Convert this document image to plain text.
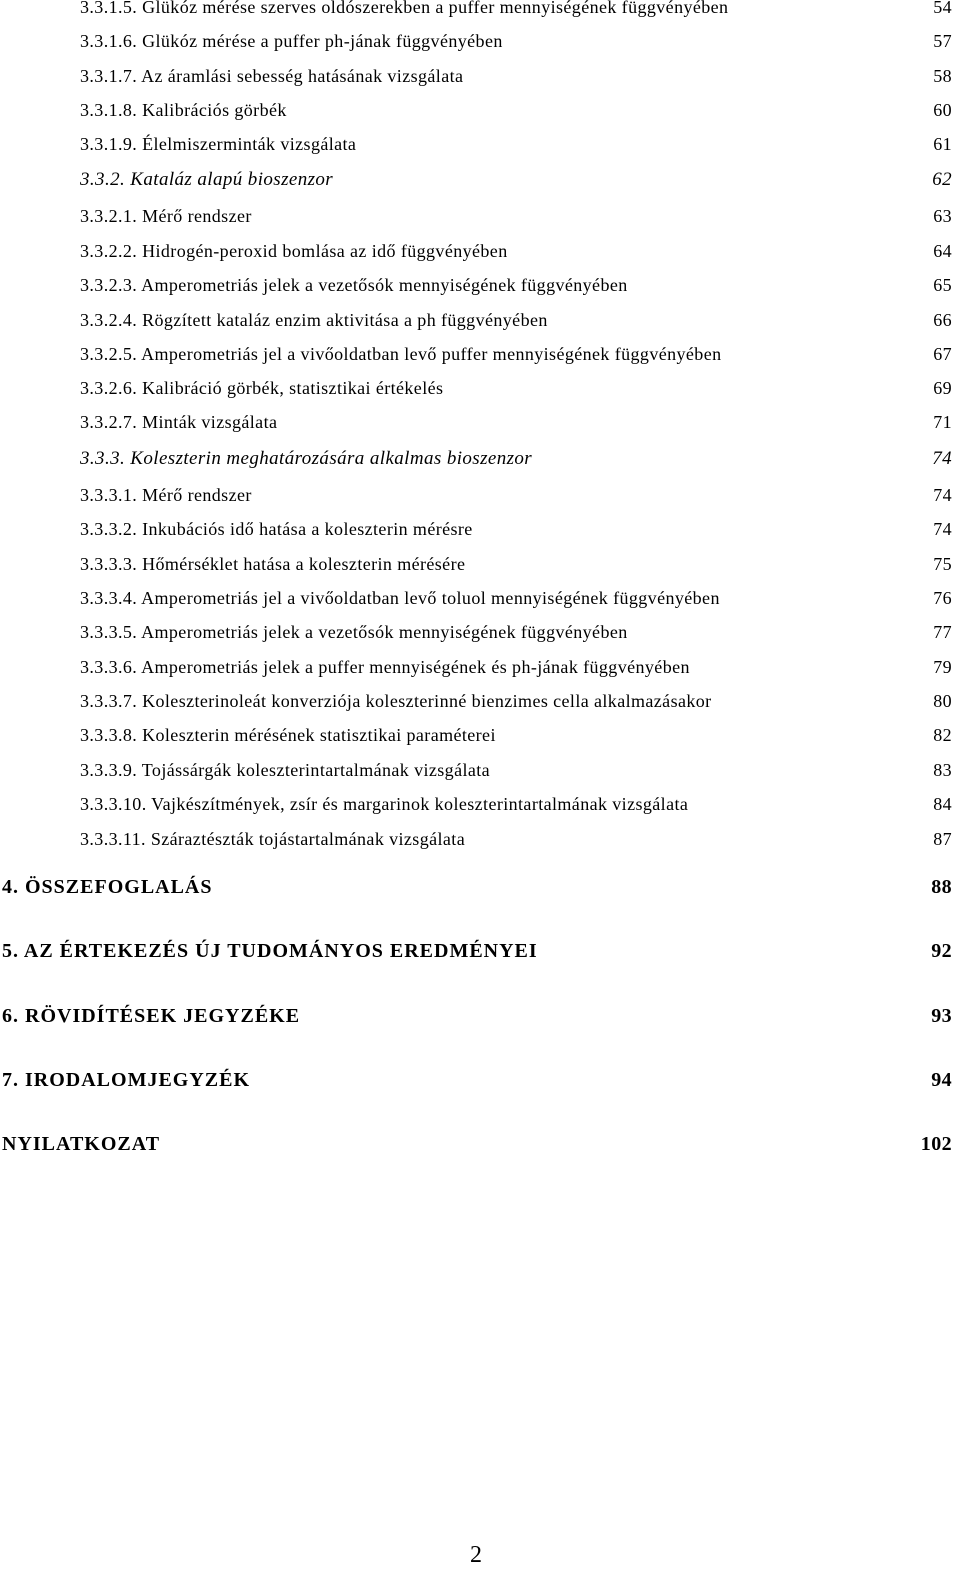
3.3.1.5. Glükóz mérése szerves oldószerekben a puffer mennyiségének függvényében	54
3.3.1.6. Glükóz mérése a puffer ph-jának függvényében	57
3.3.1.7. Az áramlási sebesség hatásának vizsgálata	58
3.3.1.8. Kalibrációs görbék	60
3.3.1.9. Élelmiszerminták vizsgálata	61
3.3.2. Kataláz alapú bioszenzor	62
3.3.2.1. Mérő rendszer	63
3.3.2.2. Hidrogén-peroxid bomlása az idő függvényében	64
3.3.2.3. Amperometriás jelek a vezetősók mennyiségének függvényében	65
3.3.2.4. Rögzített kataláz enzim aktivitása a ph függvényében	66
3.3.2.5. Amperometriás jel a vivőoldatban levő puffer mennyiségének függvényében	67
3.3.2.6. Kalibráció görbék, statisztikai értékelés	69
3.3.2.7. Minták vizsgálata	71
3.3.3. Koleszterin meghatározására alkalmas bioszenzor	74
3.3.3.1. Mérő rendszer	74
3.3.3.2. Inkubációs idő hatása a koleszterin mérésre	74
3.3.3.3. Hőmérséklet hatása a koleszterin mérésére	75
3.3.3.4. Amperometriás jel a vivőoldatban levő toluol mennyiségének függvényében	76
3.3.3.5. Amperometriás jelek a vezetősók mennyiségének függvényében	77
3.3.3.6. Amperometriás jelek a puffer mennyiségének és ph-jának függvényében	79
3.3.3.7. Koleszterinoleát konverziója koleszterinné bienzimes cella alkalmazásakor	80
3.3.3.8. Koleszterin mérésének statisztikai paraméterei	82
3.3.3.9. Tojássárgák koleszterintartalmának vizsgálata	83
3.3.3.10. Vajkészítmények, zsír és margarinok koleszterintartalmának vizsgálata	84
3.3.3.11. Száraztészták tojástartalmának vizsgálata	87
4. ÖSSZEFOGLALÁS	88
5. AZ ÉRTEKEZÉS ÚJ TUDOMÁNYOS EREDMÉNYEI	92
6. RÖVIDÍTÉSEK JEGYZÉKE	93
7. IRODALOMJEGYZÉK	94
NYILATKOZAT	102
2
